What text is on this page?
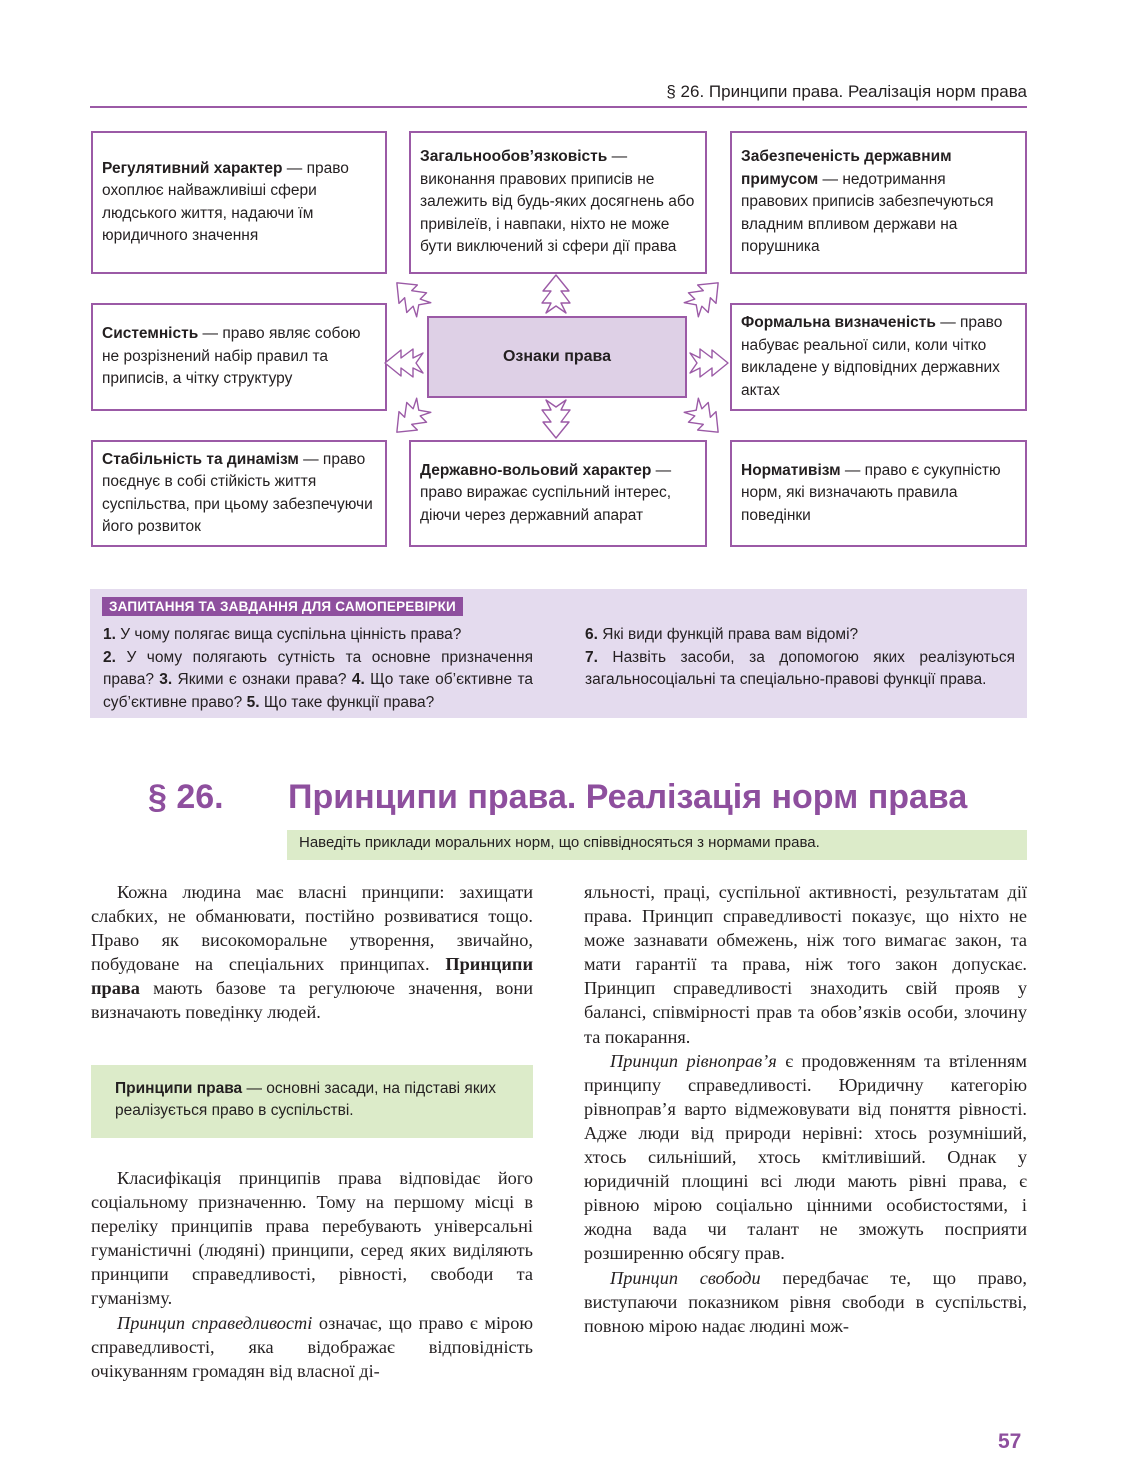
§ 26. Принципи права. Реалізація норм права

Регулятивний характер — право охоплює найважливіші сфери людського життя, надаючи їм юридичного значення

Загальнообов’язковість — виконання правових приписів не залежить від будь-яких досягнень або привілеїв, і навпаки, ніхто не може бути виключений зі сфери дії права

Забезпеченість державним примусом — недотримання правових приписів забезпечуються владним впливом держави на порушника

Системність — право являє собою не розрізнений набір правил та приписів, а чітку структуру

Ознаки права

Формальна визначеність — право набуває реальної сили, коли чітко викладене у відповідних державних актах

Стабільність та динамізм — право поєднує в собі стійкість життя суспільства, при цьому забезпечуючи його розвиток

Державно-вольовий характер — право виражає суспільний інтерес, діючи через державний апарат

Нормативізм — право є сукупністю норм, які визначають правила поведінки

ЗАПИТАННЯ ТА ЗАВДАННЯ ДЛЯ САМОПЕРЕВІРКИ
1. У чому полягає вища суспільна цінність права?
2. У чому полягають сутність та основне призначення права? 3. Якими є ознаки права? 4. Що таке об’єктивне та суб’єктивне право? 5. Що таке функції права?
6. Які види функцій права вам відомі?
7. Назвіть засоби, за допомогою яких реалізуються загальносоціальні та спеціально-правові функції права.
§ 26. Принципи права. Реалізація норм права
Наведіть приклади моральних норм, що співвідносяться з нормами права.

Кожна людина має власні принципи: захищати слабких, не обманювати, постійно розвиватися тощо. Право як високоморальне утворення, звичайно, побудоване на спеціальних принципах. Принципи права мають базове та регулююче значення, вони визначають поведінку людей.

Принципи права — основні засади, на підставі яких реалізується право в суспільстві.

Класифікація принципів права відповідає його соціальному призначенню. Тому на першому місці в переліку принципів права перебувають універсальні гуманістичні (людяні) принципи, серед яких виділяють принципи справедливості, рівності, свободи та гуманізму.

Принцип справедливості означає, що право є мірою справедливості, яка відображає відповідність очікуванням громадян від власної ді-

яльності, праці, суспільної активності, результатам дії права. Принцип справедливості показує, що ніхто не може зазнавати обмежень, ніж того вимагає закон, та мати гарантії та права, ніж того закон допускає. Принцип справедливості знаходить свій прояв у балансі, співмірності прав та обов’язків особи, злочину та покарання.

Принцип рівноправ’я є продовженням та втіленням принципу справедливості. Юридичну категорію рівноправ’я варто відмежовувати від поняття рівності. Адже люди від природи нерівні: хтось розумніший, хтось сильніший, хтось кмітливіший. Однак у юридичній площині всі люди мають рівні права, є рівною мірою соціально цінними особистостями, і жодна вада чи талант не зможуть посприяти розширенню обсягу прав.

Принцип свободи передбачає те, що право, виступаючи показником рівня свободи в суспільстві, повною мірою надає людині мож-

57
